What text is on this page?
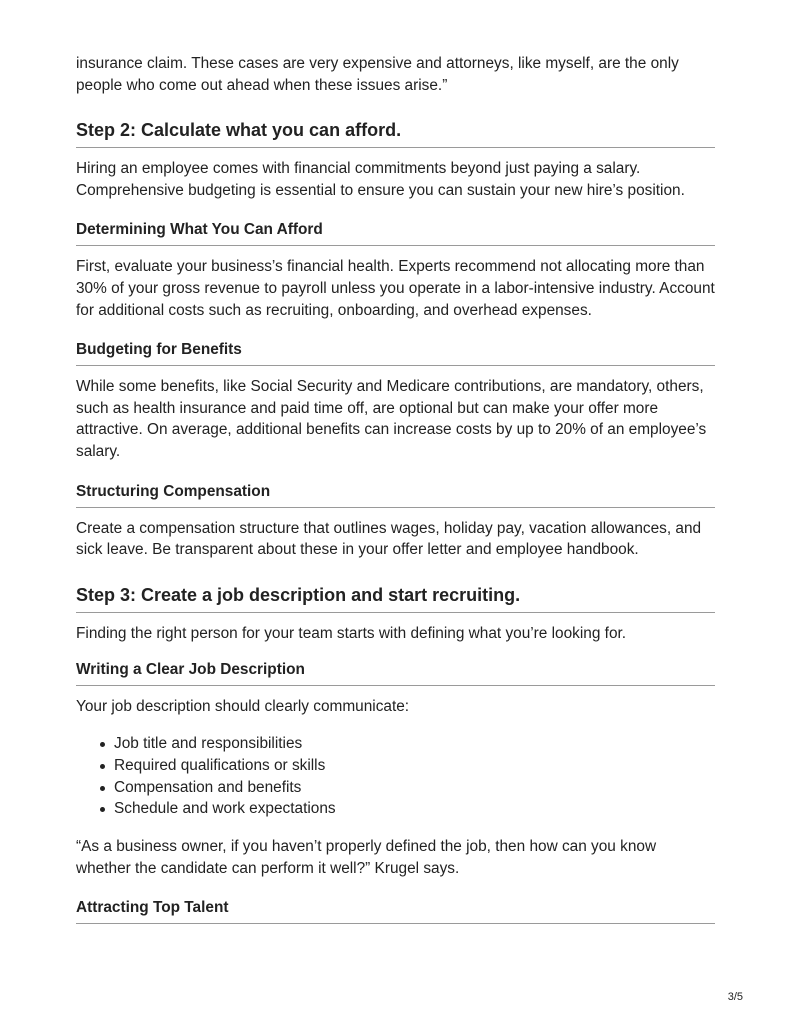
insurance claim. These cases are very expensive and attorneys, like myself, are the only people who come out ahead when these issues arise.”

Step 2: Calculate what you can afford.

Hiring an employee comes with financial commitments beyond just paying a salary. Comprehensive budgeting is essential to ensure you can sustain your new hire’s position.

Determining What You Can Afford

First, evaluate your business’s financial health. Experts recommend not allocating more than 30% of your gross revenue to payroll unless you operate in a labor-intensive industry. Account for additional costs such as recruiting, onboarding, and overhead expenses.

Budgeting for Benefits

While some benefits, like Social Security and Medicare contributions, are mandatory, others, such as health insurance and paid time off, are optional but can make your offer more attractive. On average, additional benefits can increase costs by up to 20% of an employee’s salary.

Structuring Compensation

Create a compensation structure that outlines wages, holiday pay, vacation allowances, and sick leave. Be transparent about these in your offer letter and employee handbook.

Step 3: Create a job description and start recruiting.

Finding the right person for your team starts with defining what you’re looking for.

Writing a Clear Job Description

Your job description should clearly communicate:

Job title and responsibilities
Required qualifications or skills
Compensation and benefits
Schedule and work expectations

“As a business owner, if you haven’t properly defined the job, then how can you know whether the candidate can perform it well?” Krugel says.

Attracting Top Talent
3/5
